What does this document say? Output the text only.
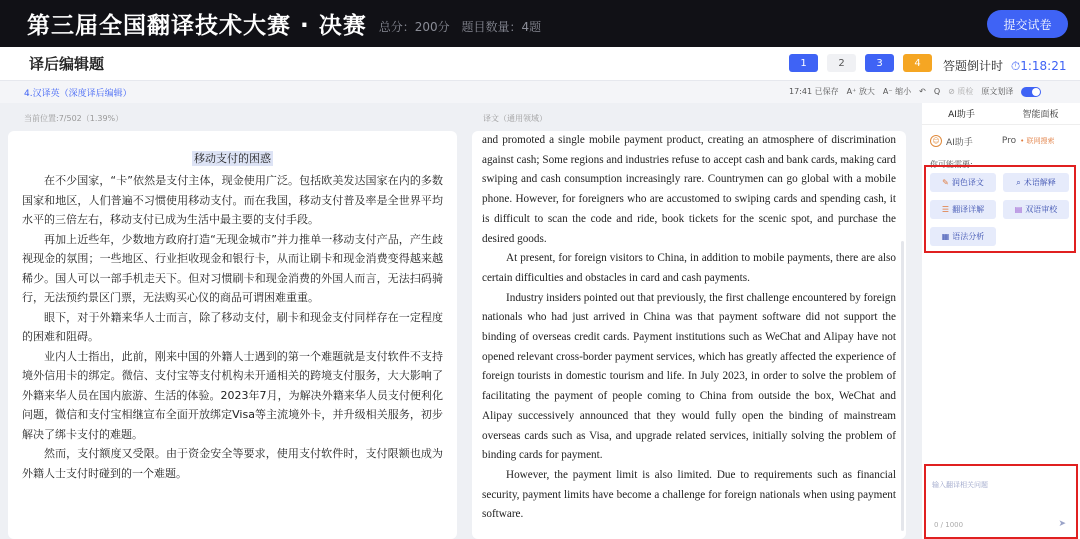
第三届全国翻译技术大赛 · 决赛 总分：200分 题目数量：4题	提交试卷
译后编辑题	1	2	3	4	答题倒计时 ⏱1:18:21
4.汉译英（深度译后编辑）	17:41 已保存 A⁺ 放大 A⁻ 缩小 ↶ Q ⊘ 质检 原文划译
当前位置:7/502（1.39%）	译文（通用领域）
移动支付的困惑

在不少国家，“卡”依然是支付主体，现金使用广泛。包括欧美发达国家在内的多数国家和地区，人们普遍不习惯使用移动支付。而在我国，移动支付普及率是全世界平均水平的三倍左右，移动支付已成为生活中最主要的支付手段。

再加上近些年，少数地方政府打造“无现金城市”并力推单一移动支付产品，产生歧视现金的氛围；一些地区、行业拒收现金和银行卡，从而让刷卡和现金消费变得越来越稀少。国人可以一部手机走天下。但对习惯刷卡和现金消费的外国人而言，无法扫码骑行，无法预约景区门票，无法购买心仪的商品可谓困难重重。

眼下，对于外籍来华人士而言，除了移动支付，刷卡和现金支付同样存在一定程度的困难和阻碍。

业内人士指出，此前，刚来中国的外籍人士遇到的第一个难题就是支付软件不支持境外信用卡的绑定。微信、支付宝等支付机构未开通相关的跨境支付服务，大大影响了外籍来华人员在国内旅游、生活的体验。2023年7月，为解决外籍来华人员支付便利化问题，微信和支付宝相继宣布全面开放绑定Visa等主流境外卡，并升级相关服务，初步解决了绑卡支付的难题。

然而，支付额度又受限。由于资金安全等要求，使用支付软件时，支付限额也成为外籍人士支付时碰到的一个难题。

and promoted a single mobile payment product, creating an atmosphere of discrimination against cash; Some regions and industries refuse to accept cash and bank cards, making card swiping and cash consumption increasingly rare. Countrymen can go global with a mobile phone. However, for foreigners who are accustomed to swiping cards and spending cash, it is difficult to scan the code and ride, book tickets for the scenic spot, and purchase the desired goods.

At present, for foreign visitors to China, in addition to mobile payments, there are also certain difficulties and obstacles in card and cash payments.

Industry insiders pointed out that previously, the first challenge encountered by foreign nationals who had just arrived in China was that payment software did not support the binding of overseas credit cards. Payment institutions such as WeChat and Alipay have not opened relevant cross-border payment services, which has greatly affected the experience of foreign tourists in domestic tourism and life. In July 2023, in order to solve the problem of facilitating the payment of people coming to China from outside the box, WeChat and Alipay successively announced that they would fully open the binding of mainstream overseas cards such as Visa, and upgrade related services, initially solving the problem of binding cards for payment.

However, the payment limit is also limited. Due to requirements such as financial security, payment limits have become a challenge for foreign nationals when using payment software.

AI助手	智能面板
☺ AI助手	Pro • 联网搜索
你可能需要:
✎ 润色译文	⌕ 术语解释
☰ 翻译详解	▤ 双语审校
▦ 语法分析
输入翻译相关问题
0 / 1000	➤
